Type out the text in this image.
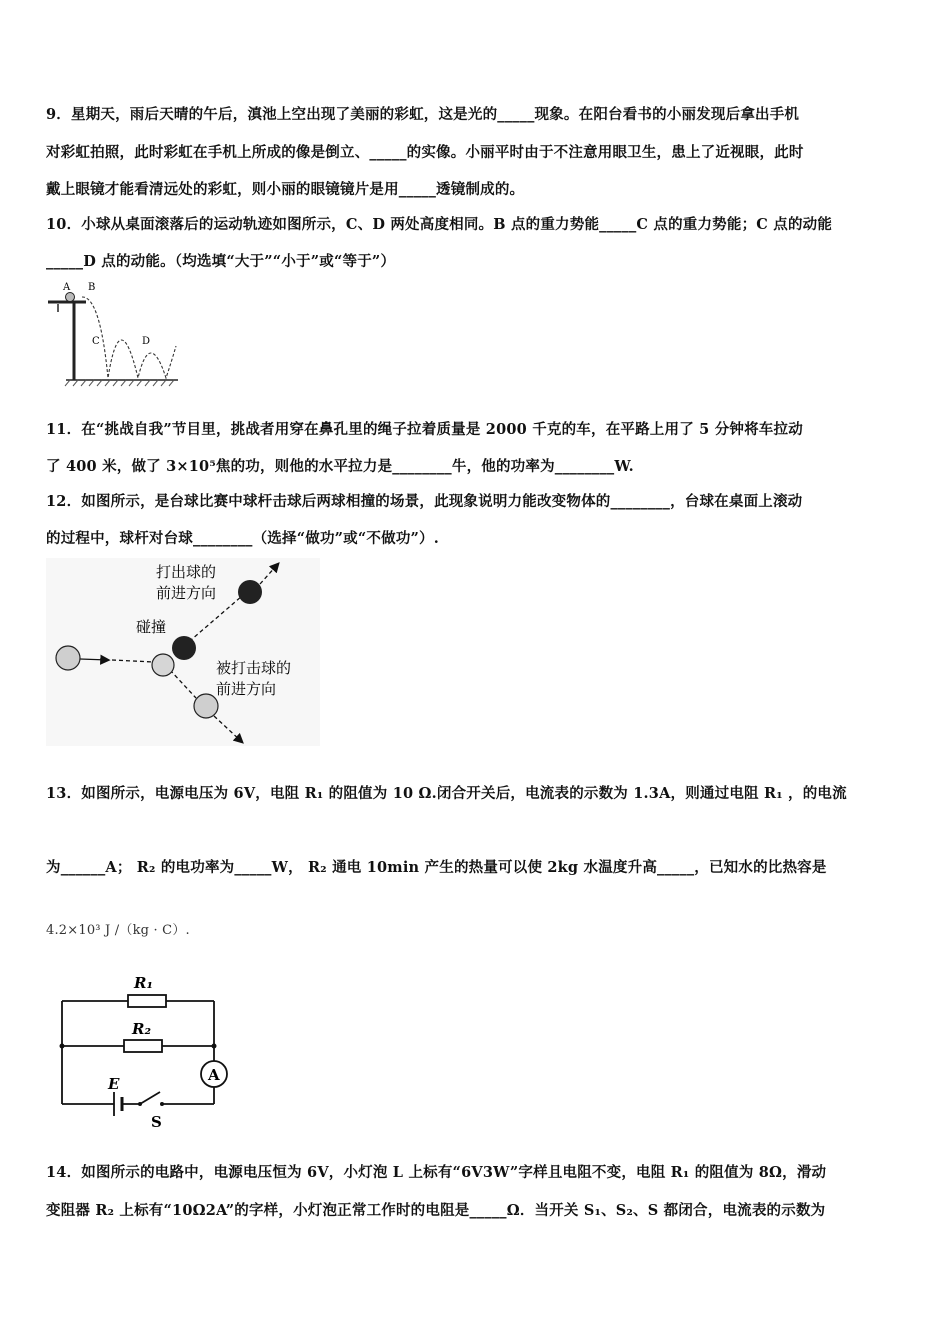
9．星期天，雨后天晴的午后，滇池上空出现了美丽的彩虹，这是光的_____现象。在阳台看书的小丽发现后拿出手机
对彩虹拍照，此时彩虹在手机上所成的像是倒立、_____的实像。小丽平时由于不注意用眼卫生，患上了近视眼，此时
戴上眼镜才能看清远处的彩虹，则小丽的眼镜镜片是用_____透镜制成的。
10．小球从桌面滚落后的运动轨迹如图所示，C、D 两处高度相同。B 点的重力势能_____C 点的重力势能；C 点的动能
_____D 点的动能。（均选填“大于”“小于”或“等于”）
A B
C	D
11．在“挑战自我”节目里，挑战者用穿在鼻孔里的绳子拉着质量是 2000 千克的车，在平路上用了 5 分钟将车拉动
了 400 米，做了 3×10⁵焦的功，则他的水平拉力是________牛，他的功率为________W.
12．如图所示，是台球比赛中球杆击球后两球相撞的场景，此现象说明力能改变物体的________，台球在桌面上滚动
的过程中，球杆对台球________（选择“做功”或“不做功”）.
打出球的
前进方向
碰撞
被打击球的
前进方向
13．如图所示，电源电压为 6V，电阻 R₁ 的阻值为 10 Ω.闭合开关后，电流表的示数为 1.3A，则通过电阻 R₁ ，的电流
为______A； R₂ 的电功率为_____W， R₂ 通电 10min 产生的热量可以使 2kg 水温度升高_____，已知水的比热容是
4.2×10³ J /（kg · C）.
A
R₁
R₂
E
S
14．如图所示的电路中，电源电压恒为 6V，小灯泡 L 上标有“6V3W”字样且电阻不变，电阻 R₁ 的阻值为 8Ω，滑动
变阻器 R₂ 上标有“10Ω2A”的字样，小灯泡正常工作时的电阻是_____Ω．当开关 S₁、S₂、S 都闭合，电流表的示数为
